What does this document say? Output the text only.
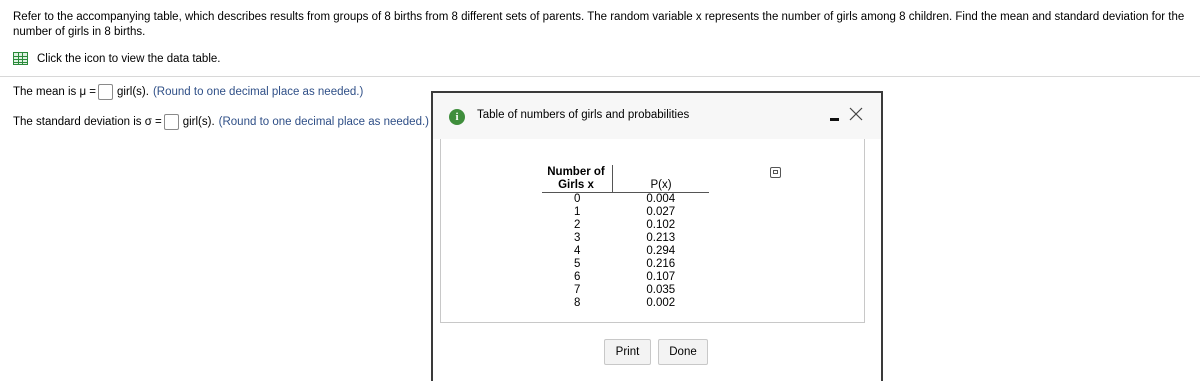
Refer to the accompanying table, which describes results from groups of 8 births from 8 different sets of parents. The random variable x represents the number of girls among 8 children. Find the mean and standard deviation for the number of girls in 8 births.
Click the icon to view the data table.
The mean is μ = girl(s). (Round to one decimal place as needed.)
The standard deviation is σ = girl(s). (Round to one decimal place as needed.)	i	Table of numbers of girls and probabilities
Number of
Girls x	P(x)
0	0.004
1	0.027
2	0.102
3	0.213
4	0.294
5	0.216
6	0.107
7	0.035
8	0.002
Print	Done
